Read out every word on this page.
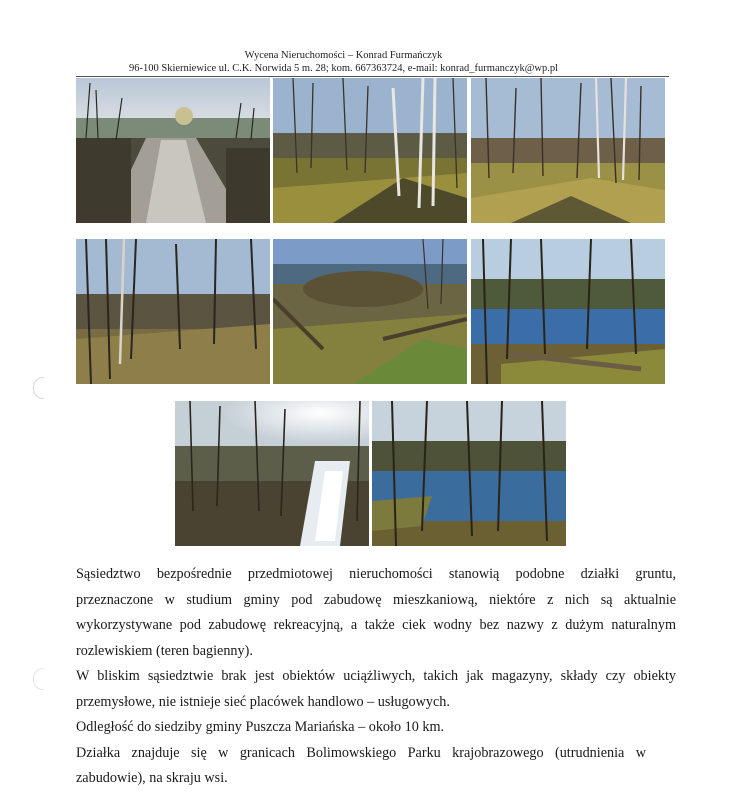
Wycena Nieruchomości – Konrad Furmańczyk
96-100 Skierniewice ul. C.K. Norwida 5 m. 28; kom. 667363724, e-mail: konrad_furmanczyk@wp.pl

Sąsiedztwo bezpośrednie przedmiotowej nieruchomości stanowią podobne działki gruntu,

przeznaczone w studium gminy pod zabudowę mieszkaniową, niektóre z nich są aktualnie

wykorzystywane pod zabudowę rekreacyjną, a także ciek wodny bez nazwy z dużym naturalnym

rozlewiskiem (teren bagienny).

W bliskim sąsiedztwie brak jest obiektów uciążliwych, takich jak magazyny, składy czy obiekty

przemysłowe, nie istnieje sieć placówek handlowo – usługowych.

Odległość do siedziby gminy Puszcza Mariańska – około 10 km.

Działka znajduje się w granicach Bolimowskiego Parku krajobrazowego (utrudnienia w

zabudowie), na skraju wsi.
